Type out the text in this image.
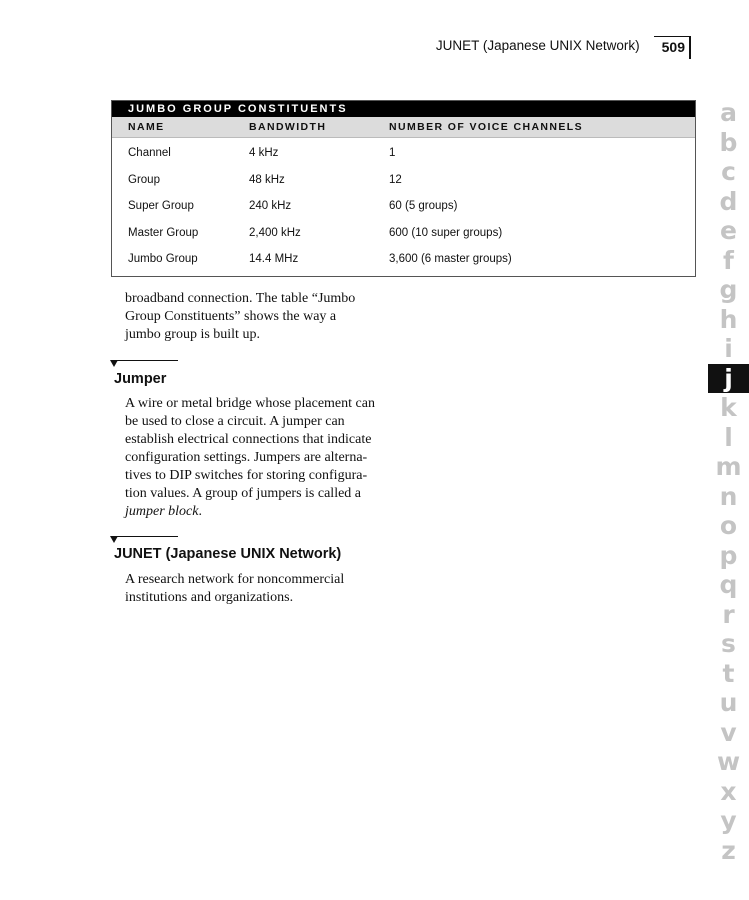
JUNET (Japanese UNIX Network)	509
JUMBO GROUP CONSTITUENTS
NAME	BANDWIDTH	NUMBER OF VOICE CHANNELS
Channel	4 kHz	1
Group	48 kHz	12
Super Group	240 kHz	60 (5 groups)
Master Group	2,400 kHz	600 (10 super groups)
Jumbo Group	14.4 MHz	3,600 (6 master groups)
broadband connection. The table “Jumbo
Group Constituents” shows the way a
jumbo group is built up.
Jumper
A wire or metal bridge whose placement can
be used to close a circuit. A jumper can
establish electrical connections that indicate
configuration settings. Jumpers are alterna-
tives to DIP switches for storing configura-
tion values. A group of jumpers is called a
jumper block.
JUNET (Japanese UNIX Network)
A research network for noncommercial
institutions and organizations.
a
b
c
d
e
f
g
h
i
j
k
l
m
n
o
p
q
r
s
t
u
v
w
x
y
z
